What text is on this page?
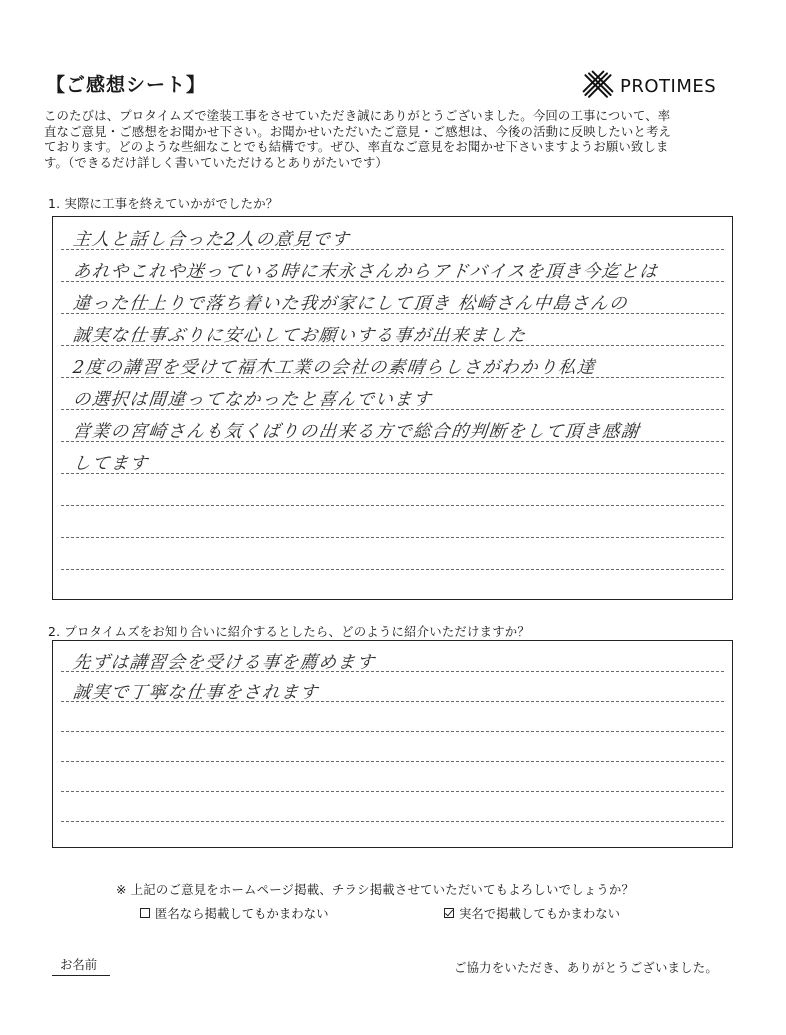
【ご感想シート】	PROTIMES
このたびは、プロタイムズで塗装工事をさせていただき誠にありがとうございました。今回の工事について、率
直なご意見・ご感想をお聞かせ下さい。お聞かせいただいたご意見・ご感想は、今後の活動に反映したいと考え
ております。どのような些細なことでも結構です。ぜひ、率直なご意見をお聞かせ下さいますようお願い致しま
す。（できるだけ詳しく書いていただけるとありがたいです）
1. 実際に工事を終えていかがでしたか？
主人と話し合った2人の意見です
あれやこれや迷っている時に末永さんからアドバイスを頂き今迄とは
違った仕上りで落ち着いた我が家にして頂き 松崎さん中島さんの
誠実な仕事ぶりに安心してお願いする事が出来ました
2度の講習を受けて福木工業の会社の素晴らしさがわかり私達
の選択は間違ってなかったと喜んでいます
営業の宮崎さんも気くばりの出来る方で総合的判断をして頂き感謝
してます
2. プロタイムズをお知り合いに紹介するとしたら、どのように紹介いただけますか？
先ずは講習会を受ける事を薦めます
誠実で丁寧な仕事をされます
※ 上記のご意見をホームページ掲載、チラシ掲載させていただいてもよろしいでしょうか？
匿名なら掲載してもかまわない	実名で掲載してもかまわない
お名前	ご協力をいただき、ありがとうございました。
